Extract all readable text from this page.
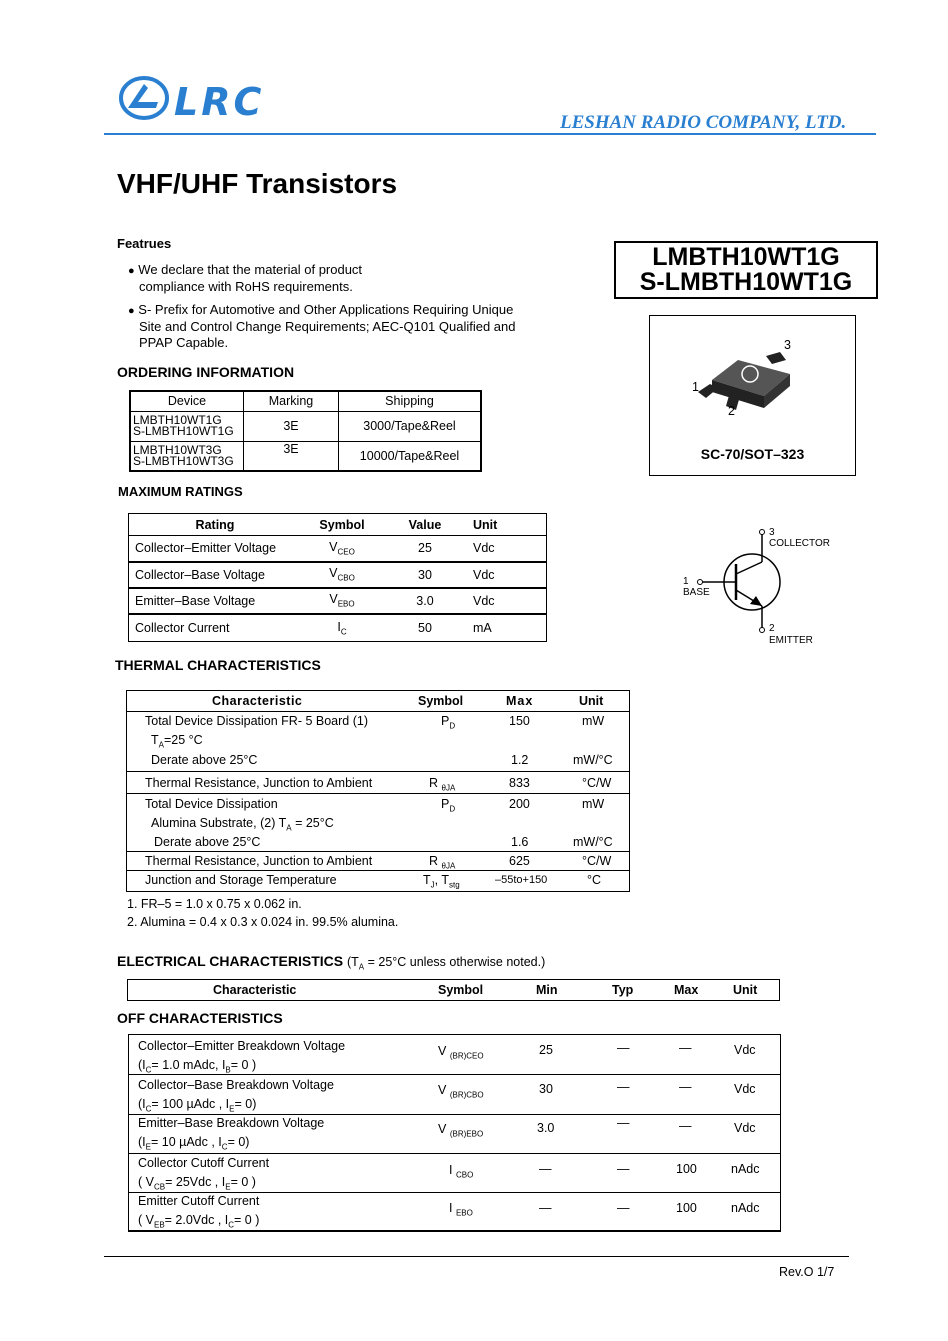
LRC	LESHAN RADIO COMPANY, LTD.
VHF/UHF Transistors
Featrues
● We declare that the material of product
compliance with RoHS requirements.
● S- Prefix for Automotive and Other Applications Requiring Unique
Site and Control Change Requirements; AEC-Q101 Qualified and
PPAP Capable.
LMBTH10WT1G
S-LMBTH10WT1G
3
1
2
SC-70/SOT–323
ORDERING INFORMATION
Device	Marking	Shipping

LMBTH10WT1G
S-LMBTH10WT1G	3E	3000/Tape&Reel

LMBTH10WT3G
S-LMBTH10WT3G	3E	10000/Tape&Reel
MAXIMUM RATINGS
Rating	Symbol	Value	Unit
Collector–Emitter Voltage	$V_{CEO}$	25	Vdc
Collector–Base Voltage	$V_{CBO}$	30	Vdc
Emitter–Base Voltage	$V_{EBO}$	3.0	Vdc
Collector Current	$I_C$	50	mA
3
COLLECTOR
1
BASE
2
EMITTER
THERMAL CHARACTERISTICS
Characteristic	Symbol	Max	Unit
Total Device Dissipation FR- 5 Board (1)	$P_D$	150	mW
$T_A=25$ °C
Derate above 25°C	1.2	mW/°C
Thermal Resistance, Junction to Ambient	R $_{\theta JA}$	833	°C/W
Total Device Dissipation	$P_D$	200	mW
Alumina Substrate, (2) $T_A = 25^\circ C$
Derate above 25°C	1.6	mW/°C
Thermal Resistance, Junction to Ambient	R $_{\theta JA}$	625	°C/W
Junction and Storage Temperature	$T_J$, $T_{stg}$	–55to+150	°C
1. FR–5 = 1.0 x 0.75 x 0.062 in.
2. Alumina = 0.4 x 0.3 x 0.024 in. 99.5% alumina.
ELECTRICAL CHARACTERISTICS ($T_A = 25^\circ C$ unless otherwise noted.)
Characteristic	Symbol	Min	Typ	Max	Unit
OFF CHARACTERISTICS
Collector–Emitter Breakdown Voltage
($I_C= 1.0$ mAdc, $I_B= 0$ )
V $_{(BR)CEO}$	25	—	—	Vdc
Collector–Base Breakdown Voltage
($I_C= 100$ µAdc , $I_E= 0$)
V $_{(BR)CBO}$	30	—	—	Vdc
Emitter–Base Breakdown Voltage
($I_E= 10$ µAdc , $I_C= 0$)
V $_{(BR)EBO}$	3.0	—	—	Vdc
Collector Cutoff Current
( $V_{CB}= 25Vdc$ , $I_E= 0$ )
I $_{CBO}$	—	—	100	nAdc
Emitter Cutoff Current
( $V_{EB}= 2.0Vdc$ , $I_C= 0$ )
I $_{EBO}$	—	—	100	nAdc
Rev.O 1/7
